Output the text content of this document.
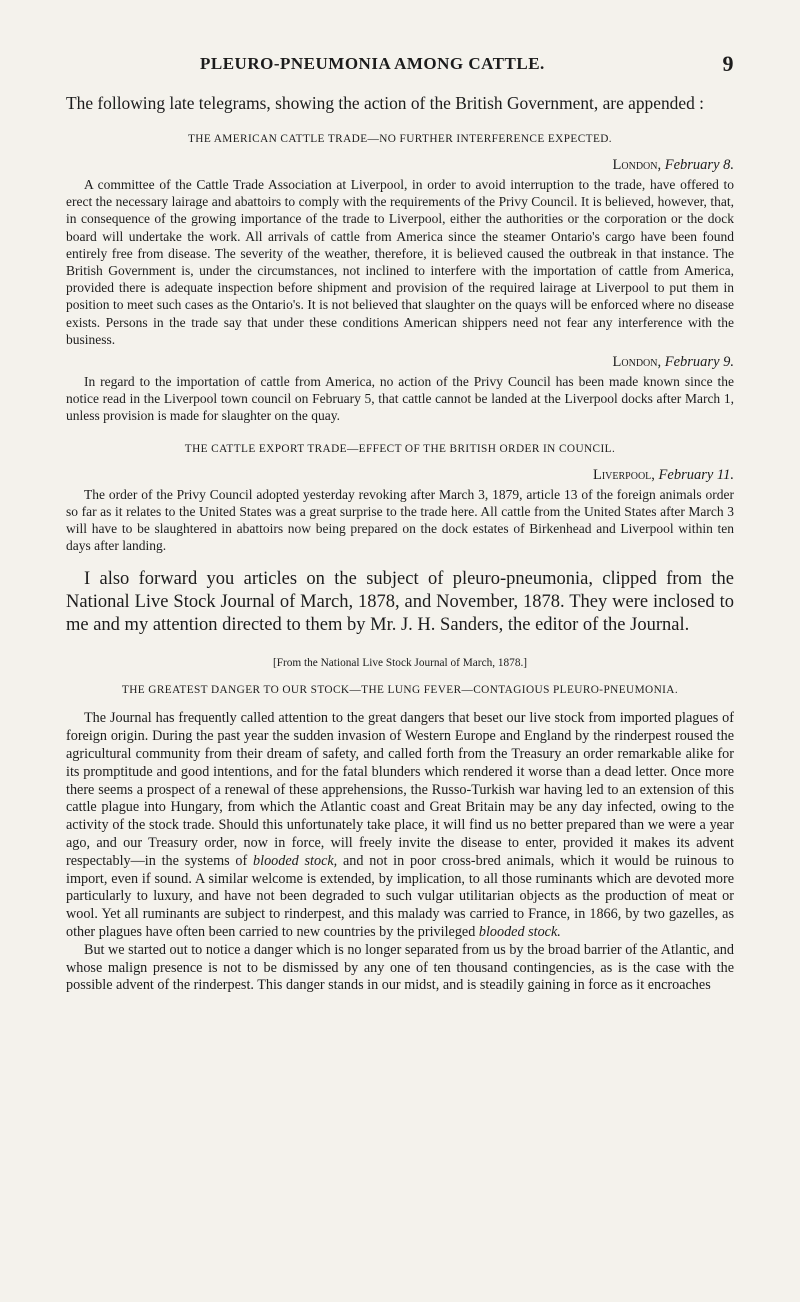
PLEURO-PNEUMONIA AMONG CATTLE.	9

The following late telegrams, showing the action of the British Government, are appended :

THE AMERICAN CATTLE TRADE—NO FURTHER INTERFERENCE EXPECTED.
London, February 8.

A committee of the Cattle Trade Association at Liverpool, in order to avoid interruption to the trade, have offered to erect the necessary lairage and abattoirs to comply with the requirements of the Privy Council. It is believed, however, that, in consequence of the growing importance of the trade to Liverpool, either the authorities or the corporation or the dock board will undertake the work. All arrivals of cattle from America since the steamer Ontario's cargo have been found entirely free from disease. The severity of the weather, therefore, it is believed caused the outbreak in that instance. The British Government is, under the circumstances, not inclined to interfere with the importation of cattle from America, provided there is adequate inspection before shipment and provision of the required lairage at Liverpool to put them in position to meet such cases as the Ontario's. It is not believed that slaughter on the quays will be enforced where no disease exists. Persons in the trade say that under these conditions American shippers need not fear any interference with the business.

London, February 9.

In regard to the importation of cattle from America, no action of the Privy Council has been made known since the notice read in the Liverpool town council on February 5, that cattle cannot be landed at the Liverpool docks after March 1, unless provision is made for slaughter on the quay.

THE CATTLE EXPORT TRADE—EFFECT OF THE BRITISH ORDER IN COUNCIL.
Liverpool, February 11.

The order of the Privy Council adopted yesterday revoking after March 3, 1879, article 13 of the foreign animals order so far as it relates to the United States was a great surprise to the trade here. All cattle from the United States after March 3 will have to be slaughtered in abattoirs now being prepared on the dock estates of Birkenhead and Liverpool within ten days after landing.

I also forward you articles on the subject of pleuro-pneumonia, clipped from the National Live Stock Journal of March, 1878, and November, 1878. They were inclosed to me and my attention directed to them by Mr. J. H. Sanders, the editor of the Journal.

[From the National Live Stock Journal of March, 1878.]
THE GREATEST DANGER TO OUR STOCK—THE LUNG FEVER—CONTAGIOUS PLEURO-PNEUMONIA.

The Journal has frequently called attention to the great dangers that beset our live stock from imported plagues of foreign origin. During the past year the sudden invasion of Western Europe and England by the rinderpest roused the agricultural community from their dream of safety, and called forth from the Treasury an order remarkable alike for its promptitude and good intentions, and for the fatal blunders which rendered it worse than a dead letter. Once more there seems a prospect of a renewal of these apprehensions, the Russo-Turkish war having led to an extension of this cattle plague into Hungary, from which the Atlantic coast and Great Britain may be any day infected, owing to the activity of the stock trade. Should this unfortunately take place, it will find us no better prepared than we were a year ago, and our Treasury order, now in force, will freely invite the disease to enter, provided it makes its advent respectably—in the systems of blooded stock, and not in poor cross-bred animals, which it would be ruinous to import, even if sound. A similar welcome is extended, by implication, to all those ruminants which are devoted more particularly to luxury, and have not been degraded to such vulgar utilitarian objects as the production of meat or wool. Yet all ruminants are subject to rinderpest, and this malady was carried to France, in 1866, by two gazelles, as other plagues have often been carried to new countries by the privileged blooded stock.

But we started out to notice a danger which is no longer separated from us by the broad barrier of the Atlantic, and whose malign presence is not to be dismissed by any one of ten thousand contingencies, as is the case with the possible advent of the rinderpest. This danger stands in our midst, and is steadily gaining in force as it encroaches
